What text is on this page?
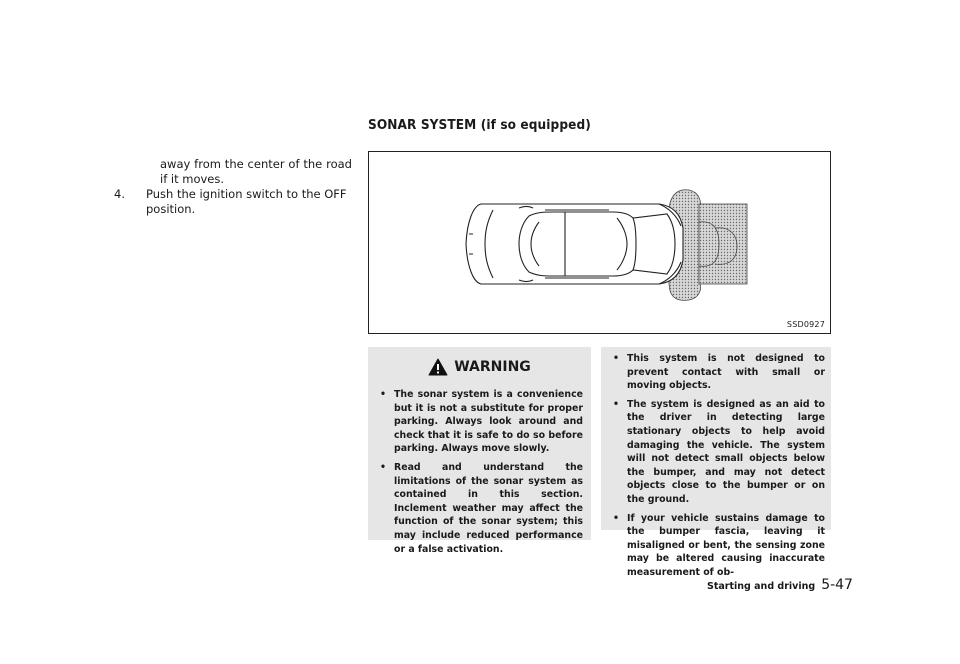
away from the center of the road if it moves.

4.	Push the ignition switch to the OFF position.
SONAR SYSTEM (if so equipped)
SSD0927
WARNING
• The sonar system is a convenience but it is not a substitute for proper parking. Always look around and check that it is safe to do so before parking. Always move slowly.
• Read and understand the limitations of the sonar system as contained in this section. Inclement weather may affect the function of the sonar system; this may include reduced performance or a false activation.
• This system is not designed to prevent contact with small or moving objects.
• The system is designed as an aid to the driver in detecting large stationary objects to help avoid damaging the vehicle. The system will not detect small objects below the bumper, and may not detect objects close to the bumper or on the ground.
• If your vehicle sustains damage to the bumper fascia, leaving it misaligned or bent, the sensing zone may be altered causing inaccurate measurement of ob-
Starting and driving 5-47
